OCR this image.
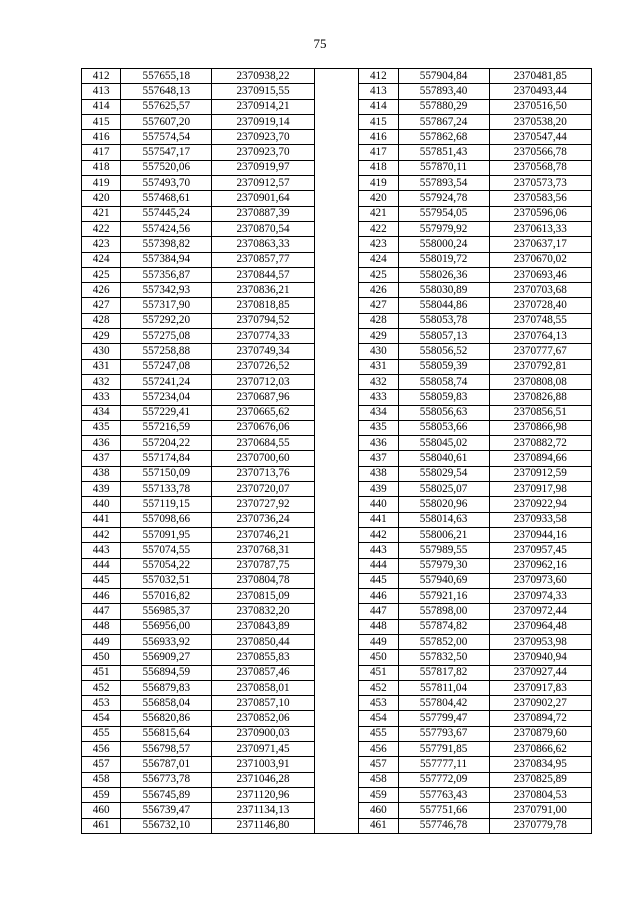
75
412	557655,18	2370938,22		412	557904,84	2370481,85
413	557648,13	2370915,55		413	557893,40	2370493,44
414	557625,57	2370914,21		414	557880,29	2370516,50
415	557607,20	2370919,14		415	557867,24	2370538,20
416	557574,54	2370923,70		416	557862,68	2370547,44
417	557547,17	2370923,70		417	557851,43	2370566,78
418	557520,06	2370919,97		418	557870,11	2370568,78
419	557493,70	2370912,57		419	557893,54	2370573,73
420	557468,61	2370901,64		420	557924,78	2370583,56
421	557445,24	2370887,39		421	557954,05	2370596,06
422	557424,56	2370870,54		422	557979,92	2370613,33
423	557398,82	2370863,33		423	558000,24	2370637,17
424	557384,94	2370857,77		424	558019,72	2370670,02
425	557356,87	2370844,57		425	558026,36	2370693,46
426	557342,93	2370836,21		426	558030,89	2370703,68
427	557317,90	2370818,85		427	558044,86	2370728,40
428	557292,20	2370794,52		428	558053,78	2370748,55
429	557275,08	2370774,33		429	558057,13	2370764,13
430	557258,88	2370749,34		430	558056,52	2370777,67
431	557247,08	2370726,52		431	558059,39	2370792,81
432	557241,24	2370712,03		432	558058,74	2370808,08
433	557234,04	2370687,96		433	558059,83	2370826,88
434	557229,41	2370665,62		434	558056,63	2370856,51
435	557216,59	2370676,06		435	558053,66	2370866,98
436	557204,22	2370684,55		436	558045,02	2370882,72
437	557174,84	2370700,60		437	558040,61	2370894,66
438	557150,09	2370713,76		438	558029,54	2370912,59
439	557133,78	2370720,07		439	558025,07	2370917,98
440	557119,15	2370727,92		440	558020,96	2370922,94
441	557098,66	2370736,24		441	558014,63	2370933,58
442	557091,95	2370746,21		442	558006,21	2370944,16
443	557074,55	2370768,31		443	557989,55	2370957,45
444	557054,22	2370787,75		444	557979,30	2370962,16
445	557032,51	2370804,78		445	557940,69	2370973,60
446	557016,82	2370815,09		446	557921,16	2370974,33
447	556985,37	2370832,20		447	557898,00	2370972,44
448	556956,00	2370843,89		448	557874,82	2370964,48
449	556933,92	2370850,44		449	557852,00	2370953,98
450	556909,27	2370855,83		450	557832,50	2370940,94
451	556894,59	2370857,46		451	557817,82	2370927,44
452	556879,83	2370858,01		452	557811,04	2370917,83
453	556858,04	2370857,10		453	557804,42	2370902,27
454	556820,86	2370852,06		454	557799,47	2370894,72
455	556815,64	2370900,03		455	557793,67	2370879,60
456	556798,57	2370971,45		456	557791,85	2370866,62
457	556787,01	2371003,91		457	557777,11	2370834,95
458	556773,78	2371046,28		458	557772,09	2370825,89
459	556745,89	2371120,96		459	557763,43	2370804,53
460	556739,47	2371134,13		460	557751,66	2370791,00
461	556732,10	2371146,80		461	557746,78	2370779,78
